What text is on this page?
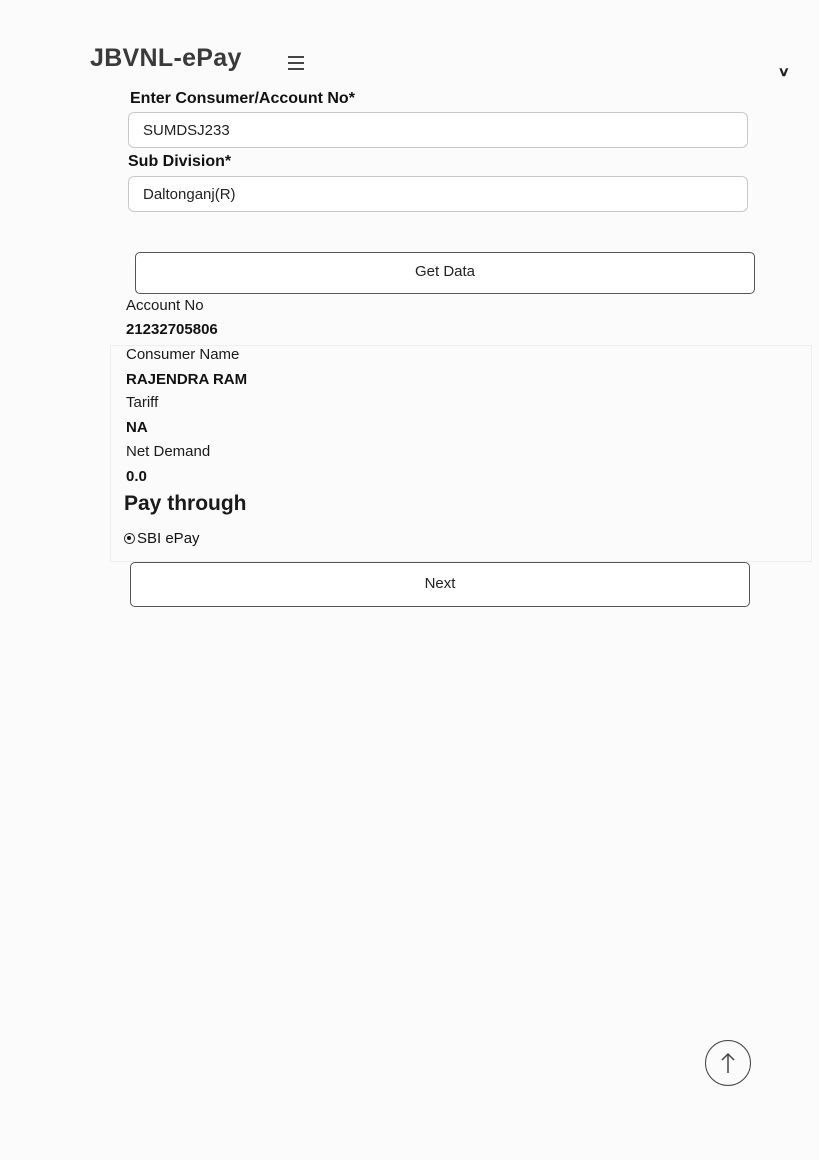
JBVNL-ePay	∨
Enter Consumer/Account No*
SUMDSJ233
Sub Division*
Daltonganj(R)
Get Data
Account No
21232705806
Consumer Name
RAJENDRA RAM
Tariff
NA
Net Demand
0.0
Pay through
SBI ePay
Next
